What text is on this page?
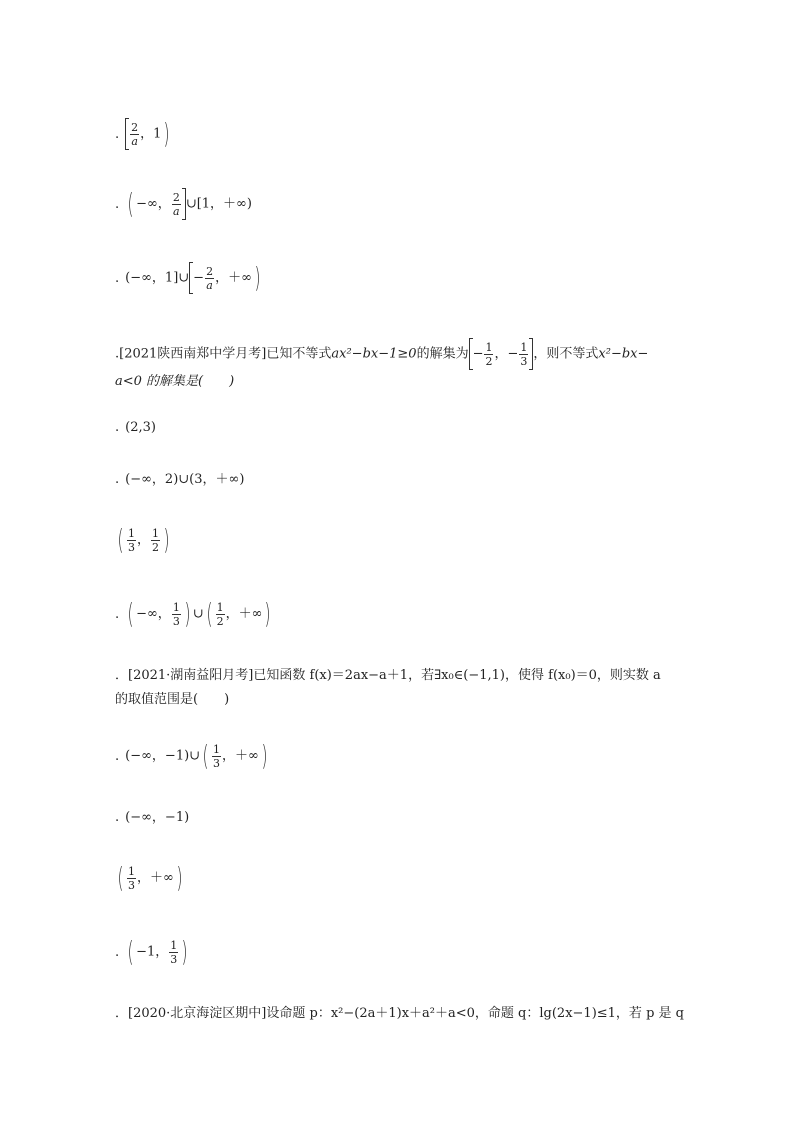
. $\frac{2}{a}$ ，1)
. ( −∞， $\frac{2}{a}$ ∪[1，＋∞)
. (−∞，1]∪ − $\frac{2}{a}$ ，＋∞)
.[2021陕西南郑中学月考]已知不等式ax²−bx−1≥0的解集为 − $\frac{1}{2}$ ，− $\frac{1}{3}$ ，则不等式x²−bx−
a<0 的解集是(　　)
. (2,3)
. (−∞，2)∪(3，＋∞)
( $\frac{1}{3}$ ， $\frac{1}{2}$ )
. ( −∞， $\frac{1}{3}$ ) ∪( $\frac{1}{2}$ ，＋∞)
．[2021·湖南益阳月考]已知函数 f(x)＝2ax−a＋1，若∃x₀∈(−1,1)，使得 f(x₀)＝0，则实数 a
的取值范围是(　　)
. (−∞，−1)∪( $\frac{1}{3}$ ，＋∞)
. (−∞，−1)
( $\frac{1}{3}$ ，＋∞)
. ( −1， $\frac{1}{3}$ )
．[2020·北京海淀区期中]设命题 p：x²−(2a＋1)x＋a²＋a<0，命题 q：lg(2x−1)≤1，若 p 是 q
